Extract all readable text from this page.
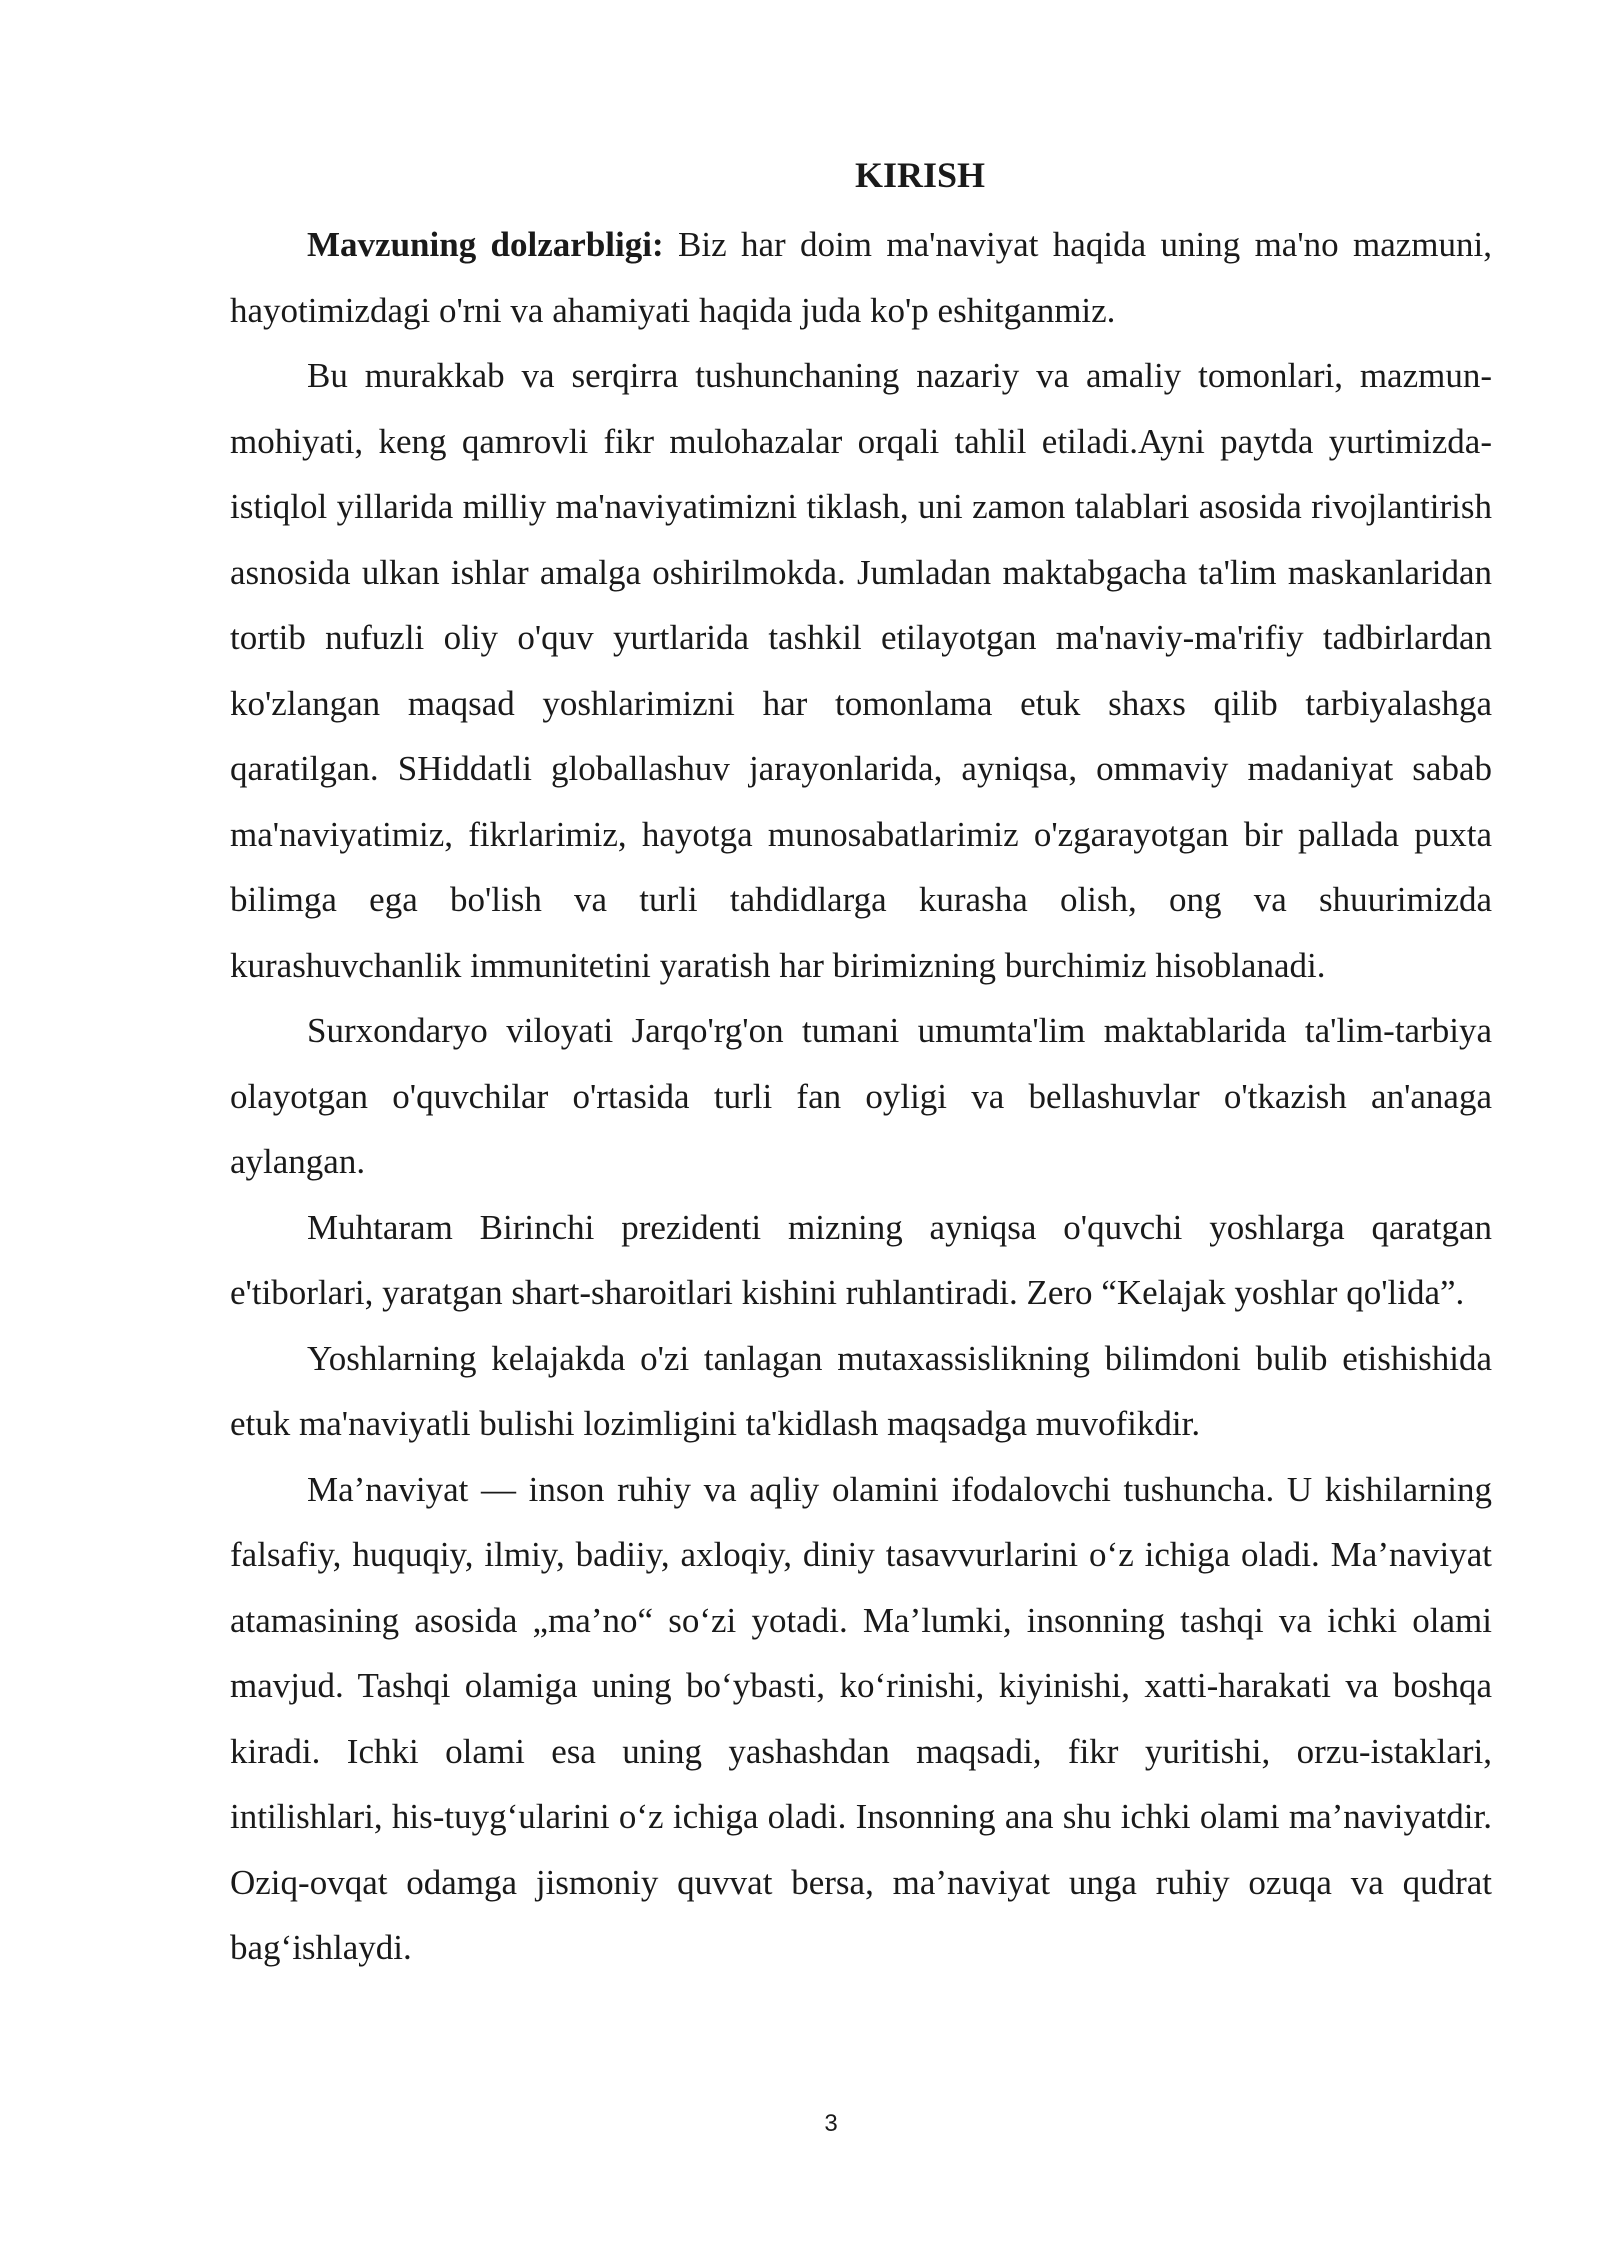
KIRISH

Mavzuning dolzarbligi: Biz har doim ma'naviyat haqida uning ma'no mazmuni, hayotimizdagi o'rni va ahamiyati haqida juda ko'p eshitganmiz.

Bu murakkab va serqirra tushunchaning nazariy va amaliy tomonlari, mazmun-mohiyati, keng qamrovli fikr mulohazalar orqali tahlil etiladi.Ayni paytda yurtimizda-istiqlol yillarida milliy ma'naviyatimizni tiklash, uni zamon talablari asosida rivojlantirish asnosida ulkan ishlar amalga oshirilmokda. Jumladan maktabgacha ta'lim maskanlaridan tortib nufuzli oliy o'quv yurtlarida tashkil etilayotgan ma'naviy-ma'rifiy tadbirlardan ko'zlangan maqsad yoshlarimizni har tomonlama etuk shaxs qilib tarbiyalashga qaratilgan. SHiddatli globallashuv jarayonlarida, ayniqsa, ommaviy madaniyat sabab ma'naviyatimiz, fikrlarimiz, hayotga munosabatlarimiz o'zgarayotgan bir pallada puxta bilimga ega bo'lish va turli tahdidlarga kurasha olish, ong va shuurimizda kurashuvchanlik immunitetini yaratish har birimizning burchimiz hisoblanadi.

Surxondaryo viloyati Jarqo'rg'on tumani umumta'lim maktablarida ta'lim-tarbiya olayotgan o'quvchilar o'rtasida turli fan oyligi va bellashuvlar o'tkazish an'anaga aylangan.

Muhtaram Birinchi prezidenti mizning ayniqsa o'quvchi yoshlarga qaratgan e'tiborlari, yaratgan shart-sharoitlari kishini ruhlantiradi. Zero “Kelajak yoshlar qo'lida”.

Yoshlarning kelajakda o'zi tanlagan mutaxassislikning bilimdoni bulib etishishida etuk ma'naviyatli bulishi lozimligini ta'kidlash maqsadga muvofikdir.

Ma’naviyat — inson ruhiy va aqliy olamini ifodalovchi tushuncha. U kishilarning falsafiy, huquqiy, ilmiy, badiiy, axloqiy, diniy tasavvurlarini o‘z ichiga oladi. Ma’naviyat atamasining asosida „ma’no“ so‘zi yotadi. Ma’lumki, insonning tashqi va ichki olami mavjud. Tashqi olamiga uning bo‘ybasti, ko‘rinishi, kiyinishi, xatti-harakati va boshqa kiradi. Ichki olami esa uning yashashdan maqsadi, fikr yuritishi, orzu-istaklari, intilishlari, his-tuyg‘ularini o‘z ichiga oladi. Insonning ana shu ichki olami ma’naviyatdir. Oziq-ovqat odamga jismoniy quvvat bersa, ma’naviyat unga ruhiy ozuqa va qudrat bag‘ishlaydi.

3
